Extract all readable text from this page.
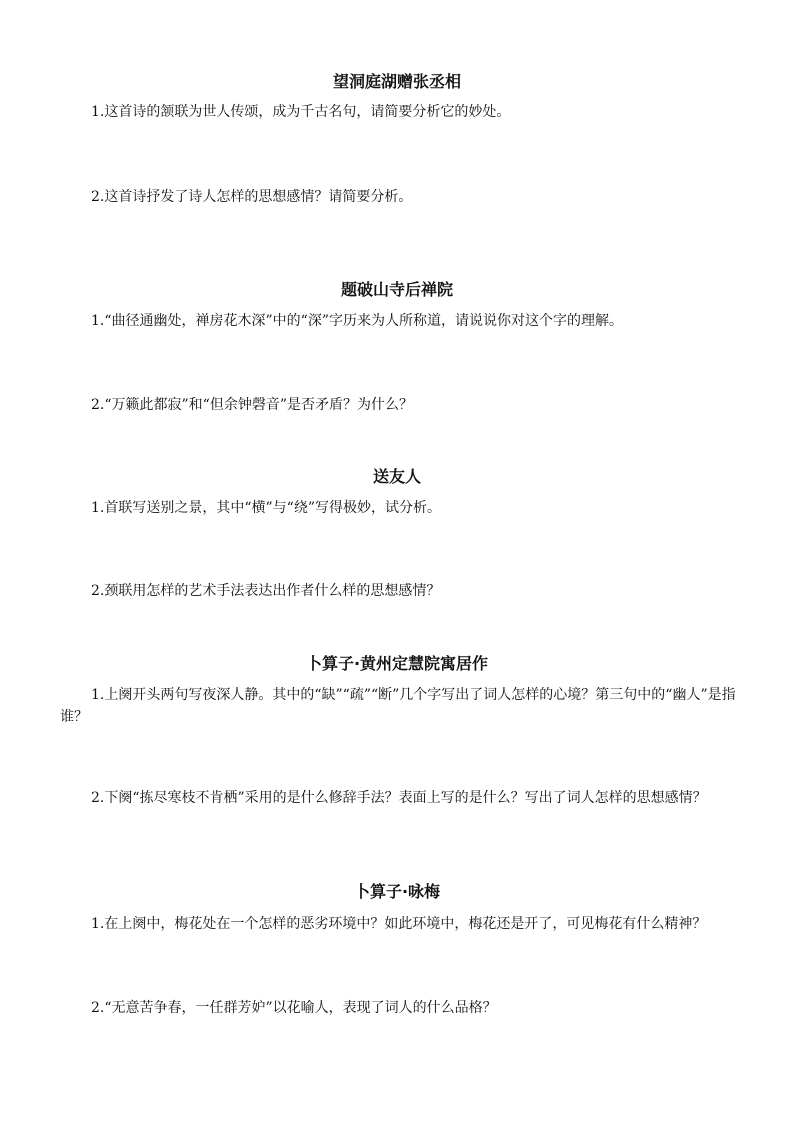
望洞庭湖赠张丞相

1.这首诗的颔联为世人传颂，成为千古名句，请简要分析它的妙处。

2.这首诗抒发了诗人怎样的思想感情？请简要分析。

题破山寺后禅院

1.“曲径通幽处，禅房花木深”中的“深”字历来为人所称道，请说说你对这个字的理解。

2.“万籁此都寂”和“但余钟磬音”是否矛盾？为什么？

送友人

1.首联写送别之景，其中“横”与“绕”写得极妙，试分析。

2.颈联用怎样的艺术手法表达出作者什么样的思想感情？

卜算子·黄州定慧院寓居作

1.上阕开头两句写夜深人静。其中的“缺”“疏”“断”几个字写出了词人怎样的心境？第三句中的“幽人”是指谁？

2.下阕“拣尽寒枝不肯栖”采用的是什么修辞手法？表面上写的是什么？写出了词人怎样的思想感情？

卜算子·咏梅

1.在上阕中，梅花处在一个怎样的恶劣环境中？如此环境中，梅花还是开了，可见梅花有什么精神？

2.“无意苦争春，一任群芳妒”以花喻人，表现了词人的什么品格？
